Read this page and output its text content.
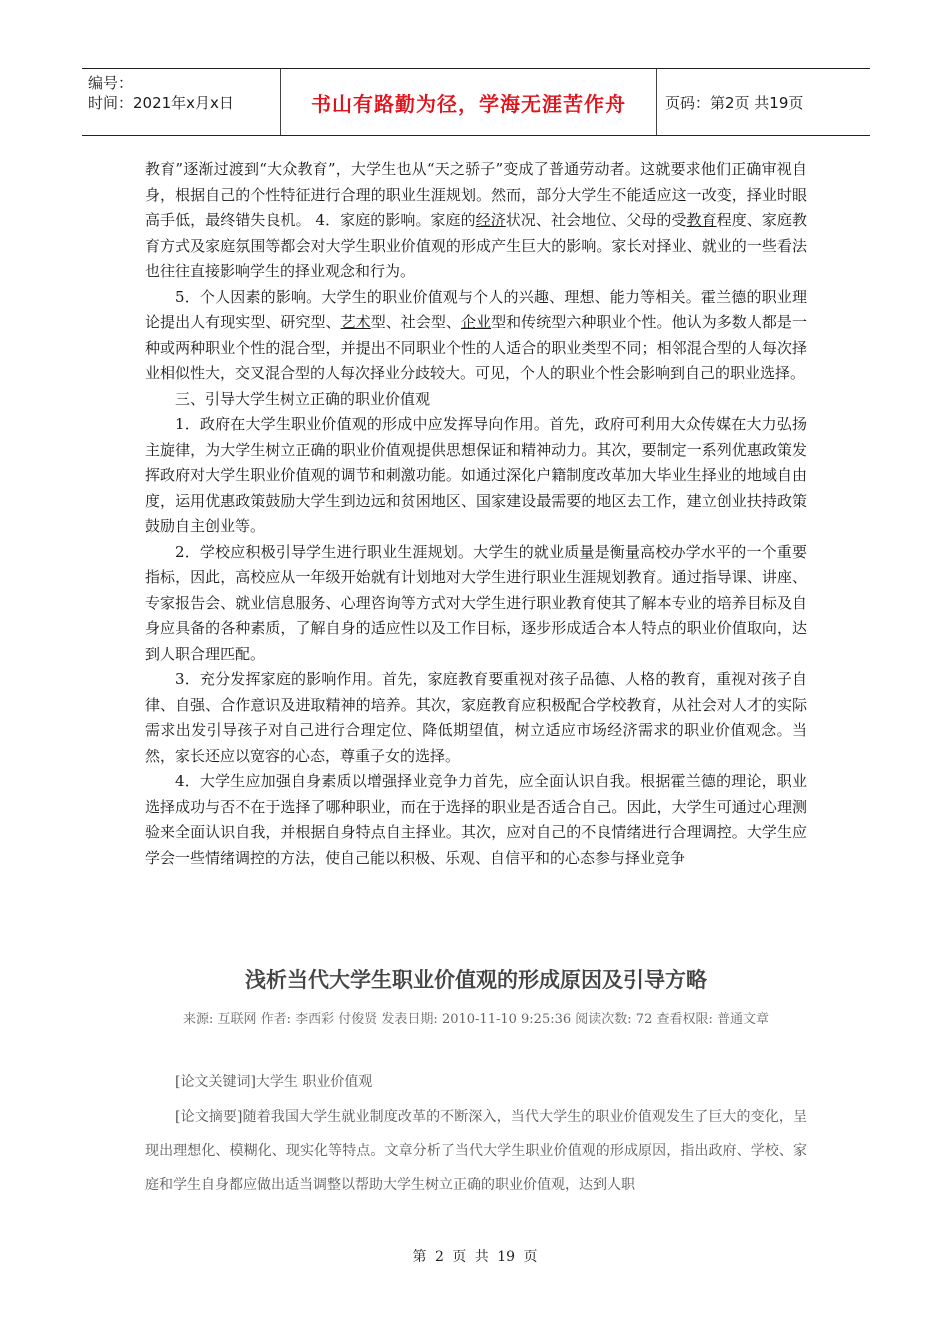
编号：
时间：2021年x月x日	书山有路勤为径，学海无涯苦作舟	页码：第2页 共19页

教育”逐渐过渡到“大众教育”，大学生也从“天之骄子”变成了普通劳动者。这就要求他们正确审视自身，根据自己的个性特征进行合理的职业生涯规划。然而，部分大学生不能适应这一改变，择业时眼高手低，最终错失良机。 4．家庭的影响。家庭的经济状况、社会地位、父母的受教育程度、家庭教育方式及家庭氛围等都会对大学生职业价值观的形成产生巨大的影响。家长对择业、就业的一些看法也往往直接影响学生的择业观念和行为。

5．个人因素的影响。大学生的职业价值观与个人的兴趣、理想、能力等相关。霍兰德的职业理论提出人有现实型、研究型、艺术型、社会型、企业型和传统型六种职业个性。他认为多数人都是一种或两种职业个性的混合型，并提出不同职业个性的人适合的职业类型不同；相邻混合型的人每次择业相似性大，交叉混合型的人每次择业分歧较大。可见，个人的职业个性会影响到自己的职业选择。

三、引导大学生树立正确的职业价值观

1．政府在大学生职业价值观的形成中应发挥导向作用。首先，政府可利用大众传媒在大力弘扬主旋律，为大学生树立正确的职业价值观提供思想保证和精神动力。其次，要制定一系列优惠政策发挥政府对大学生职业价值观的调节和刺激功能。如通过深化户籍制度改革加大毕业生择业的地域自由度，运用优惠政策鼓励大学生到边远和贫困地区、国家建设最需要的地区去工作，建立创业扶持政策鼓励自主创业等。

2．学校应积极引导学生进行职业生涯规划。大学生的就业质量是衡量高校办学水平的一个重要指标，因此，高校应从一年级开始就有计划地对大学生进行职业生涯规划教育。通过指导课、讲座、专家报告会、就业信息服务、心理咨询等方式对大学生进行职业教育使其了解本专业的培养目标及自身应具备的各种素质，了解自身的适应性以及工作目标，逐步形成适合本人特点的职业价值取向，达到人职合理匹配。

3．充分发挥家庭的影响作用。首先，家庭教育要重视对孩子品德、人格的教育，重视对孩子自律、自强、合作意识及进取精神的培养。其次，家庭教育应积极配合学校教育，从社会对人才的实际需求出发引导孩子对自己进行合理定位、降低期望值，树立适应市场经济需求的职业价值观念。当然，家长还应以宽容的心态，尊重子女的选择。

4．大学生应加强自身素质以增强择业竞争力首先，应全面认识自我。根据霍兰德的理论，职业选择成功与否不在于选择了哪种职业，而在于选择的职业是否适合自己。因此，大学生可通过心理测验来全面认识自我，并根据自身特点自主择业。其次，应对自己的不良情绪进行合理调控。大学生应学会一些情绪调控的方法，使自己能以积极、乐观、自信平和的心态参与择业竞争

浅析当代大学生职业价值观的形成原因及引导方略
来源: 互联网 作者: 李西彩 付俊贤 发表日期: 2010-11-10 9:25:36 阅读次数: 72 查看权限: 普通文章

[论文关键词]大学生 职业价值观

[论文摘要]随着我国大学生就业制度改革的不断深入，当代大学生的职业价值观发生了巨大的变化，呈现出理想化、模糊化、现实化等特点。文章分析了当代大学生职业价值观的形成原因，指出政府、学校、家庭和学生自身都应做出适当调整以帮助大学生树立正确的职业价值观，达到人职

第 2 页 共 19 页
